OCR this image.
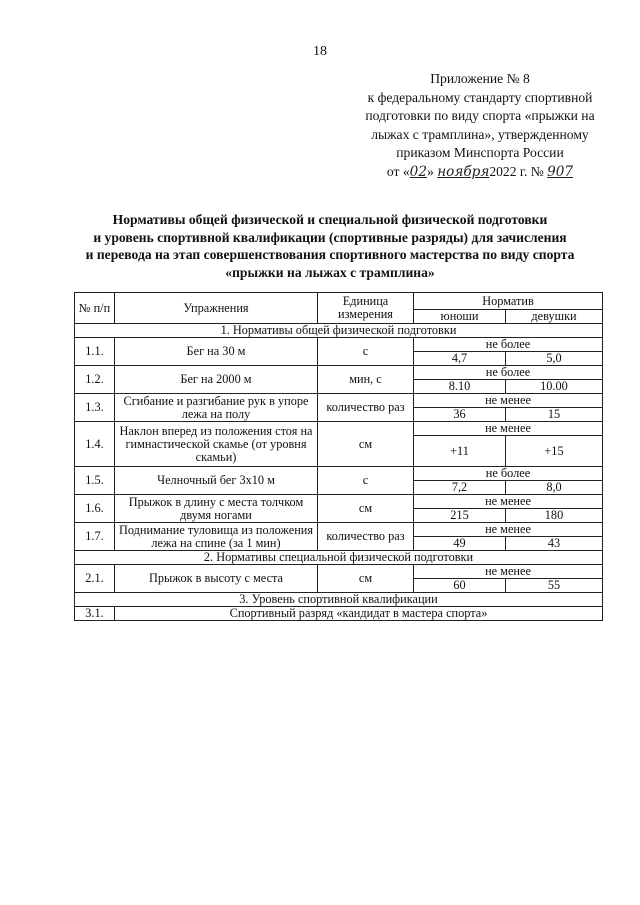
18
Приложение № 8
к федеральному стандарту спортивной
подготовки по виду спорта «прыжки на
лыжах с трамплина», утвержденному
приказом Минспорта России
от «02» ноября2022 г. № 907
Нормативы общей физической и специальной физической подготовки
и уровень спортивной квалификации (спортивные разряды) для зачисления
и перевода на этап совершенствования спортивного мастерства по виду спорта
«прыжки на лыжах с трамплина»
№ п/п	Упражнения	Единица измерения	Норматив	
			юноши	девушки
1. Нормативы общей физической подготовки				
1.1.	Бег на 30 м	с	не более	
			4,7	5,0
1.2.	Бег на 2000 м	мин, с	не более	
			8.10	10.00
1.3.	Сгибание и разгибание рук в упоре лежа на полу	количество раз	не менее	
			36	15
1.4.	Наклон вперед из положения стоя на гимнастической скамье (от уровня скамьи)	см	не менее	
			+11	+15
1.5.	Челночный бег 3х10 м	с	не более	
			7,2	8,0
1.6.	Прыжок в длину с места толчком двумя ногами	см	не менее	
			215	180
1.7.	Поднимание туловища из положения лежа на спине (за 1 мин)	количество раз	не менее	
			49	43
2. Нормативы специальной физической подготовки				
2.1.	Прыжок в высоту с места	см	не менее	
			60	55
3. Уровень спортивной квалификации				
3.1.	Спортивный разряд «кандидат в мастера спорта»			
